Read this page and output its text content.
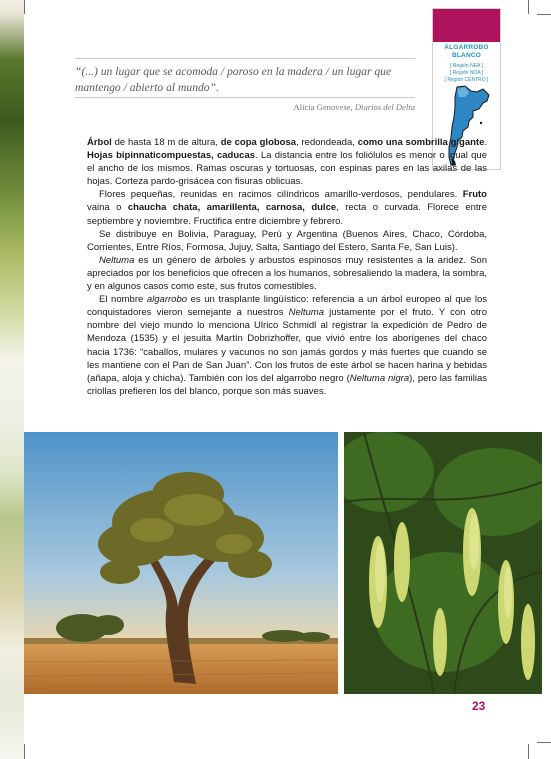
ALGARROBO
BLANCO
[ Región NEA ]
[ Región NOA ]
[ Región CENTRO ]
“(...) un lugar que se acomoda / poroso en la madera / un lugar que mantengo / abierto al mundo”.
Alicia Genovese, Diarios del Delta

Árbol de hasta 18 m de altura, de copa globosa, redondeada, como una sombrilla gigante. Hojas bipinnaticompuestas, caducas. La distancia entre los foliólulos es menor o igual que el ancho de los mismos. Ramas oscuras y tortuosas, con espinas pares en las axilas de las hojas. Corteza pardo-grisácea con fisuras oblicuas.

Flores pequeñas, reunidas en racimos cilíndricos amarillo-verdosos, pendulares. Fruto vaina o chaucha chata, amarillenta, carnosa, dulce, recta o curvada. Florece entre septiembre y noviembre. Fructifica entre diciembre y febrero.

Se distribuye en Bolivia, Paraguay, Perú y Argentina (Buenos Aires, Chaco, Córdoba, Corrientes, Entre Ríos, Formosa, Jujuy, Salta, Santiago del Estero, Santa Fe, San Luis).

Neltuma es un género de árboles y arbustos espinosos muy resistentes a la aridez. Son apreciados por los beneficios que ofrecen a los humanos, sobresaliendo la madera, la sombra, y en algunos casos como este, sus frutos comestibles.

El nombre algarrobo es un trasplante lingüístico: referencia a un árbol europeo al que los conquistadores vieron semejante a nuestros Neltuma justamente por el fruto. Y con otro nombre del viejo mundo lo menciona Ulrico Schmidl al registrar la expedición de Pedro de Mendoza (1535) y el jesuita Martín Dobrizhoffer, que vivió entre los aborígenes del chaco hacia 1736: “caballos, mulares y vacunos no son jamás gordos y más fuertes que cuando se les mantiene con el Pan de San Juan”. Con los frutos de este árbol se hacen harina y bebidas (añapa, aloja y chicha). También con los del algarrobo negro (Neltuma nigra), pero las familias criollas prefieren los del blanco, porque son más suaves.

23
